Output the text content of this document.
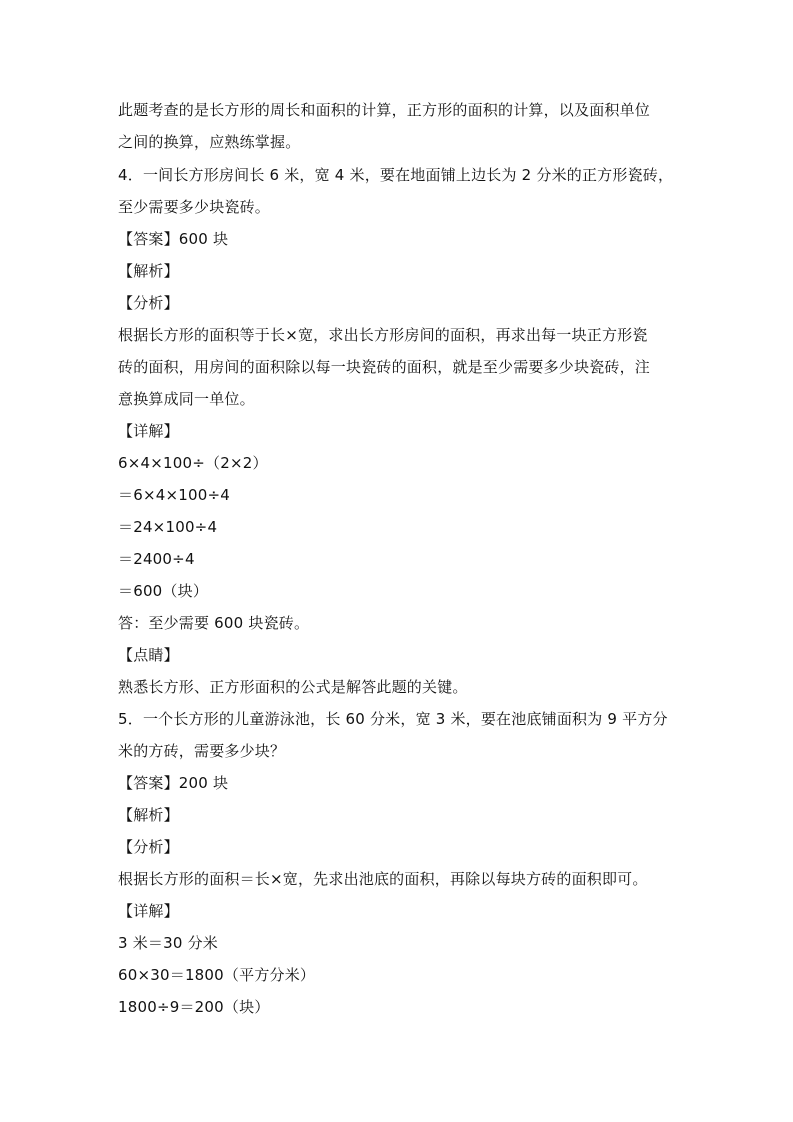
此题考查的是长方形的周长和面积的计算，正方形的面积的计算，以及面积单位
之间的换算，应熟练掌握。
4．一间长方形房间长 6 米，宽 4 米，要在地面铺上边长为 2 分米的正方形瓷砖，
至少需要多少块瓷砖。
【答案】600 块
【解析】
【分析】
根据长方形的面积等于长×宽，求出长方形房间的面积，再求出每一块正方形瓷
砖的面积，用房间的面积除以每一块瓷砖的面积，就是至少需要多少块瓷砖，注
意换算成同一单位。
【详解】
6×4×100÷（2×2）
＝6×4×100÷4
＝24×100÷4
＝2400÷4
＝600（块）
答：至少需要 600 块瓷砖。
【点睛】
熟悉长方形、正方形面积的公式是解答此题的关键。
5．一个长方形的儿童游泳池，长 60 分米，宽 3 米，要在池底铺面积为 9 平方分
米的方砖，需要多少块？
【答案】200 块
【解析】
【分析】
根据长方形的面积＝长×宽，先求出池底的面积，再除以每块方砖的面积即可。
【详解】
3 米＝30 分米
60×30＝1800（平方分米）
1800÷9＝200（块）
